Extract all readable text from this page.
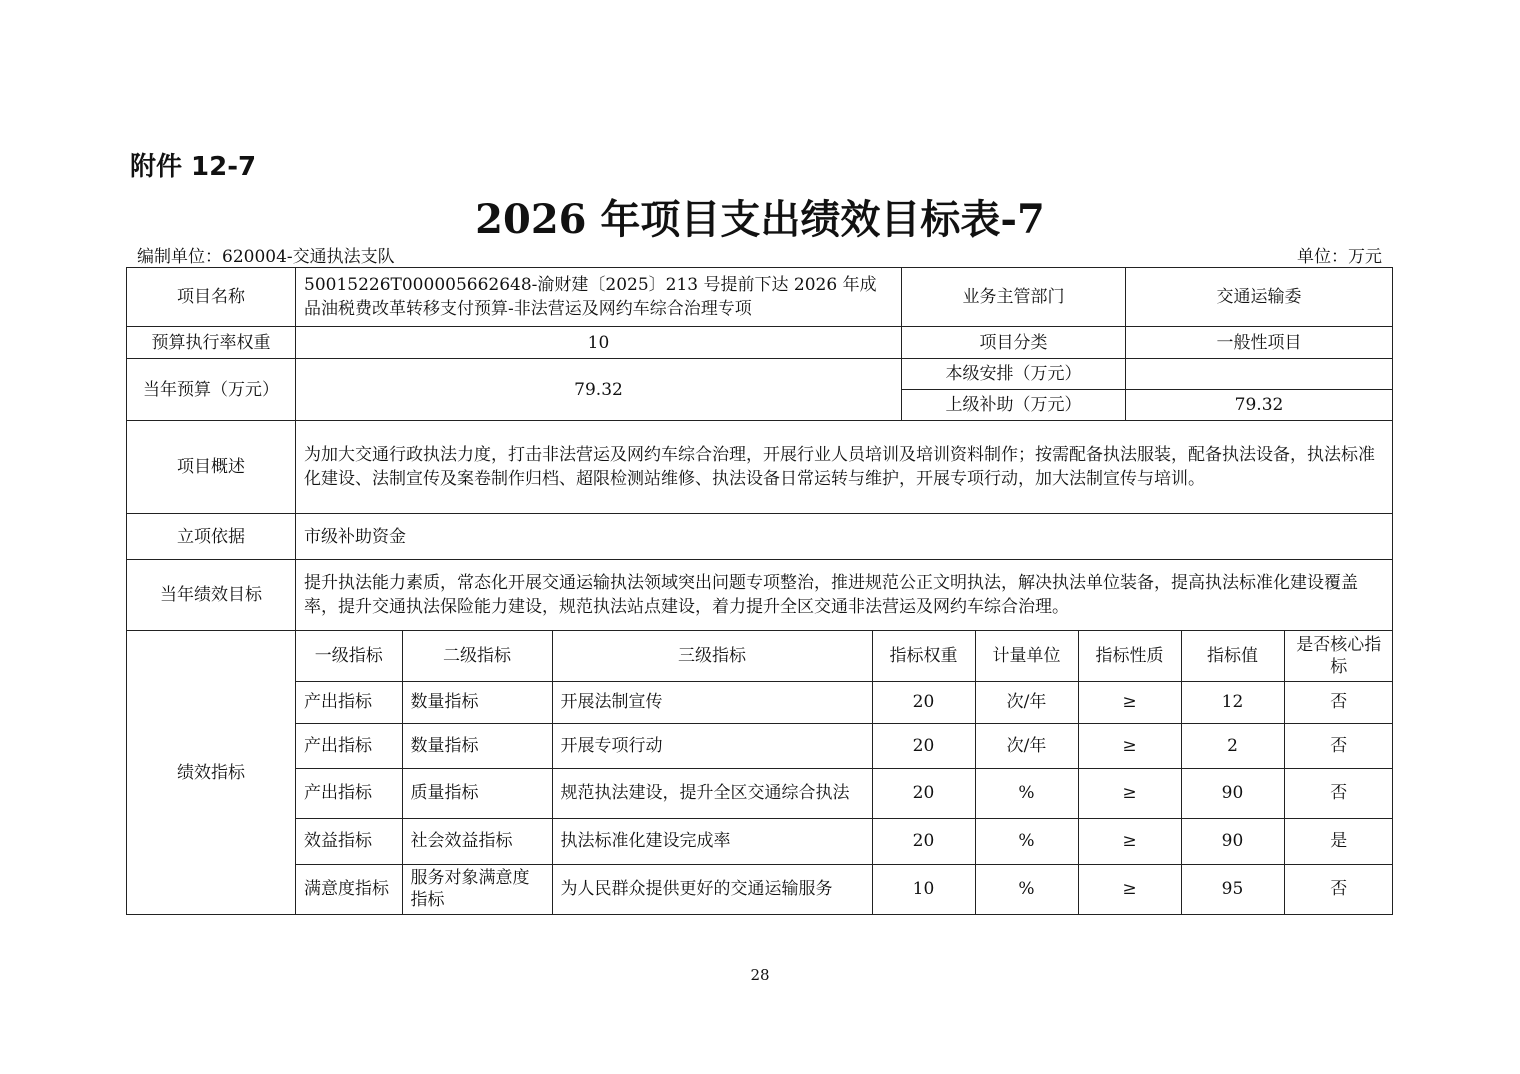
附件 12-7
2026 年项目支出绩效目标表-7
编制单位：620004-交通执法支队	单位：万元
项目名称	50015226T000005662648-渝财建〔2025〕213 号提前下达 2026 年成品油税费改革转移支付预算-非法营运及网约车综合治理专项	业务主管部门	交通运输委
预算执行率权重	10	项目分类	一般性项目
当年预算（万元）	79.32	本级安排（万元）	
上级补助（万元）	79.32
项目概述	为加大交通行政执法力度，打击非法营运及网约车综合治理，开展行业人员培训及培训资料制作；按需配备执法服装，配备执法设备，执法标准化建设、法制宣传及案卷制作归档、超限检测站维修、执法设备日常运转与维护，开展专项行动，加大法制宣传与培训。
立项依据	市级补助资金
当年绩效目标	提升执法能力素质，常态化开展交通运输执法领域突出问题专项整治，推进规范公正文明执法，解决执法单位装备，提高执法标准化建设覆盖率，提升交通执法保险能力建设，规范执法站点建设，着力提升全区交通非法营运及网约车综合治理。
绩效指标	
一级指标	二级指标	三级指标	指标权重	计量单位	指标性质	指标值	是否核心指标
产出指标	数量指标	开展法制宣传	20	次/年	≥	12	否
产出指标	数量指标	开展专项行动	20	次/年	≥	2	否
产出指标	质量指标	规范执法建设，提升全区交通综合执法	20	%	≥	90	否
效益指标	社会效益指标	执法标准化建设完成率	20	%	≥	90	是
满意度指标	服务对象满意度指标	为人民群众提供更好的交通运输服务	10	%	≥	95	否
28
